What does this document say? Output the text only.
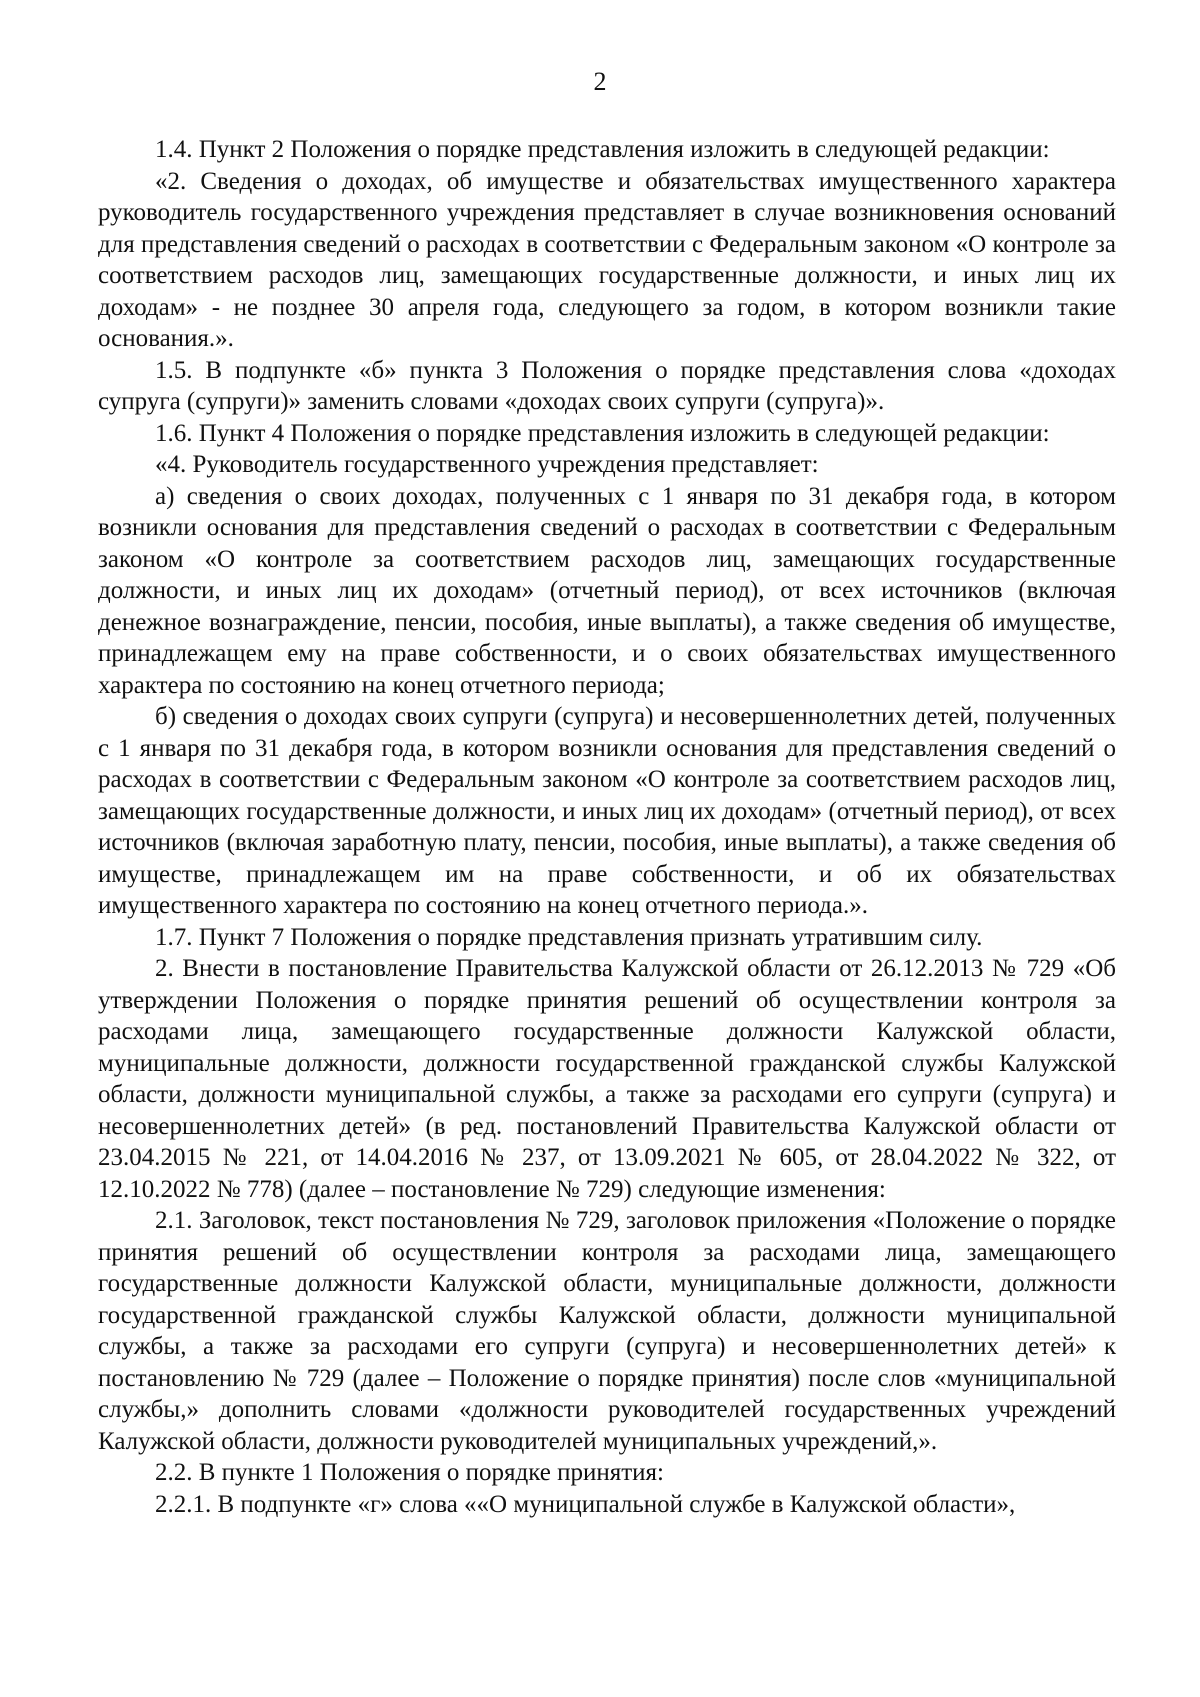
2

1.4. Пункт 2 Положения о порядке представления изложить в следующей редакции:

«2. Сведения о доходах, об имуществе и обязательствах имущественного характера руководитель государственного учреждения представляет в случае возникновения оснований для представления сведений о расходах в соответствии с Федеральным законом «О контроле за соответствием расходов лиц, замещающих государственные должности, и иных лиц их доходам» - не позднее 30 апреля года, следующего за годом, в котором возникли такие основания.».

1.5. В подпункте «б» пункта 3 Положения о порядке представления слова «доходах супруга (супруги)» заменить словами «доходах своих супруги (супруга)».

1.6. Пункт 4 Положения о порядке представления изложить в следующей редакции:

«4. Руководитель государственного учреждения представляет:

а) сведения о своих доходах, полученных с 1 января по 31 декабря года, в котором возникли основания для представления сведений о расходах в соответствии с Федеральным законом «О контроле за соответствием расходов лиц, замещающих государственные должности, и иных лиц их доходам» (отчетный период), от всех источников (включая денежное вознаграждение, пенсии, пособия, иные выплаты), а также сведения об имуществе, принадлежащем ему на праве собственности, и о своих обязательствах имущественного характера по состоянию на конец отчетного периода;

б) сведения о доходах своих супруги (супруга) и несовершеннолетних детей, полученных с 1 января по 31 декабря года, в котором возникли основания для представления сведений о расходах в соответствии с Федеральным законом «О контроле за соответствием расходов лиц, замещающих государственные должности, и иных лиц их доходам» (отчетный период), от всех источников (включая заработную плату, пенсии, пособия, иные выплаты), а также сведения об имуществе, принадлежащем им на праве собственности, и об их обязательствах имущественного характера по состоянию на конец отчетного периода.».

1.7. Пункт 7 Положения о порядке представления признать утратившим силу.

2. Внести в постановление Правительства Калужской области от 26.12.2013 № 729 «Об утверждении Положения о порядке принятия решений об осуществлении контроля за расходами лица, замещающего государственные должности Калужской области, муниципальные должности, должности государственной гражданской службы Калужской области, должности муниципальной службы, а также за расходами его супруги (супруга) и несовершеннолетних детей» (в ред. постановлений Правительства Калужской области от 23.04.2015 № 221, от 14.04.2016 № 237, от 13.09.2021 № 605, от 28.04.2022 № 322, от 12.10.2022 № 778) (далее – постановление № 729) следующие изменения:

2.1. Заголовок, текст постановления № 729, заголовок приложения «Положение о порядке принятия решений об осуществлении контроля за расходами лица, замещающего государственные должности Калужской области, муниципальные должности, должности государственной гражданской службы Калужской области, должности муниципальной службы, а также за расходами его супруги (супруга) и несовершеннолетних детей» к постановлению № 729 (далее – Положение о порядке принятия) после слов «муниципальной службы,» дополнить словами «должности руководителей государственных учреждений Калужской области, должности руководителей муниципальных учреждений,».

2.2. В пункте 1 Положения о порядке принятия:

2.2.1. В подпункте «г» слова ««О муниципальной службе в Калужской области»,
